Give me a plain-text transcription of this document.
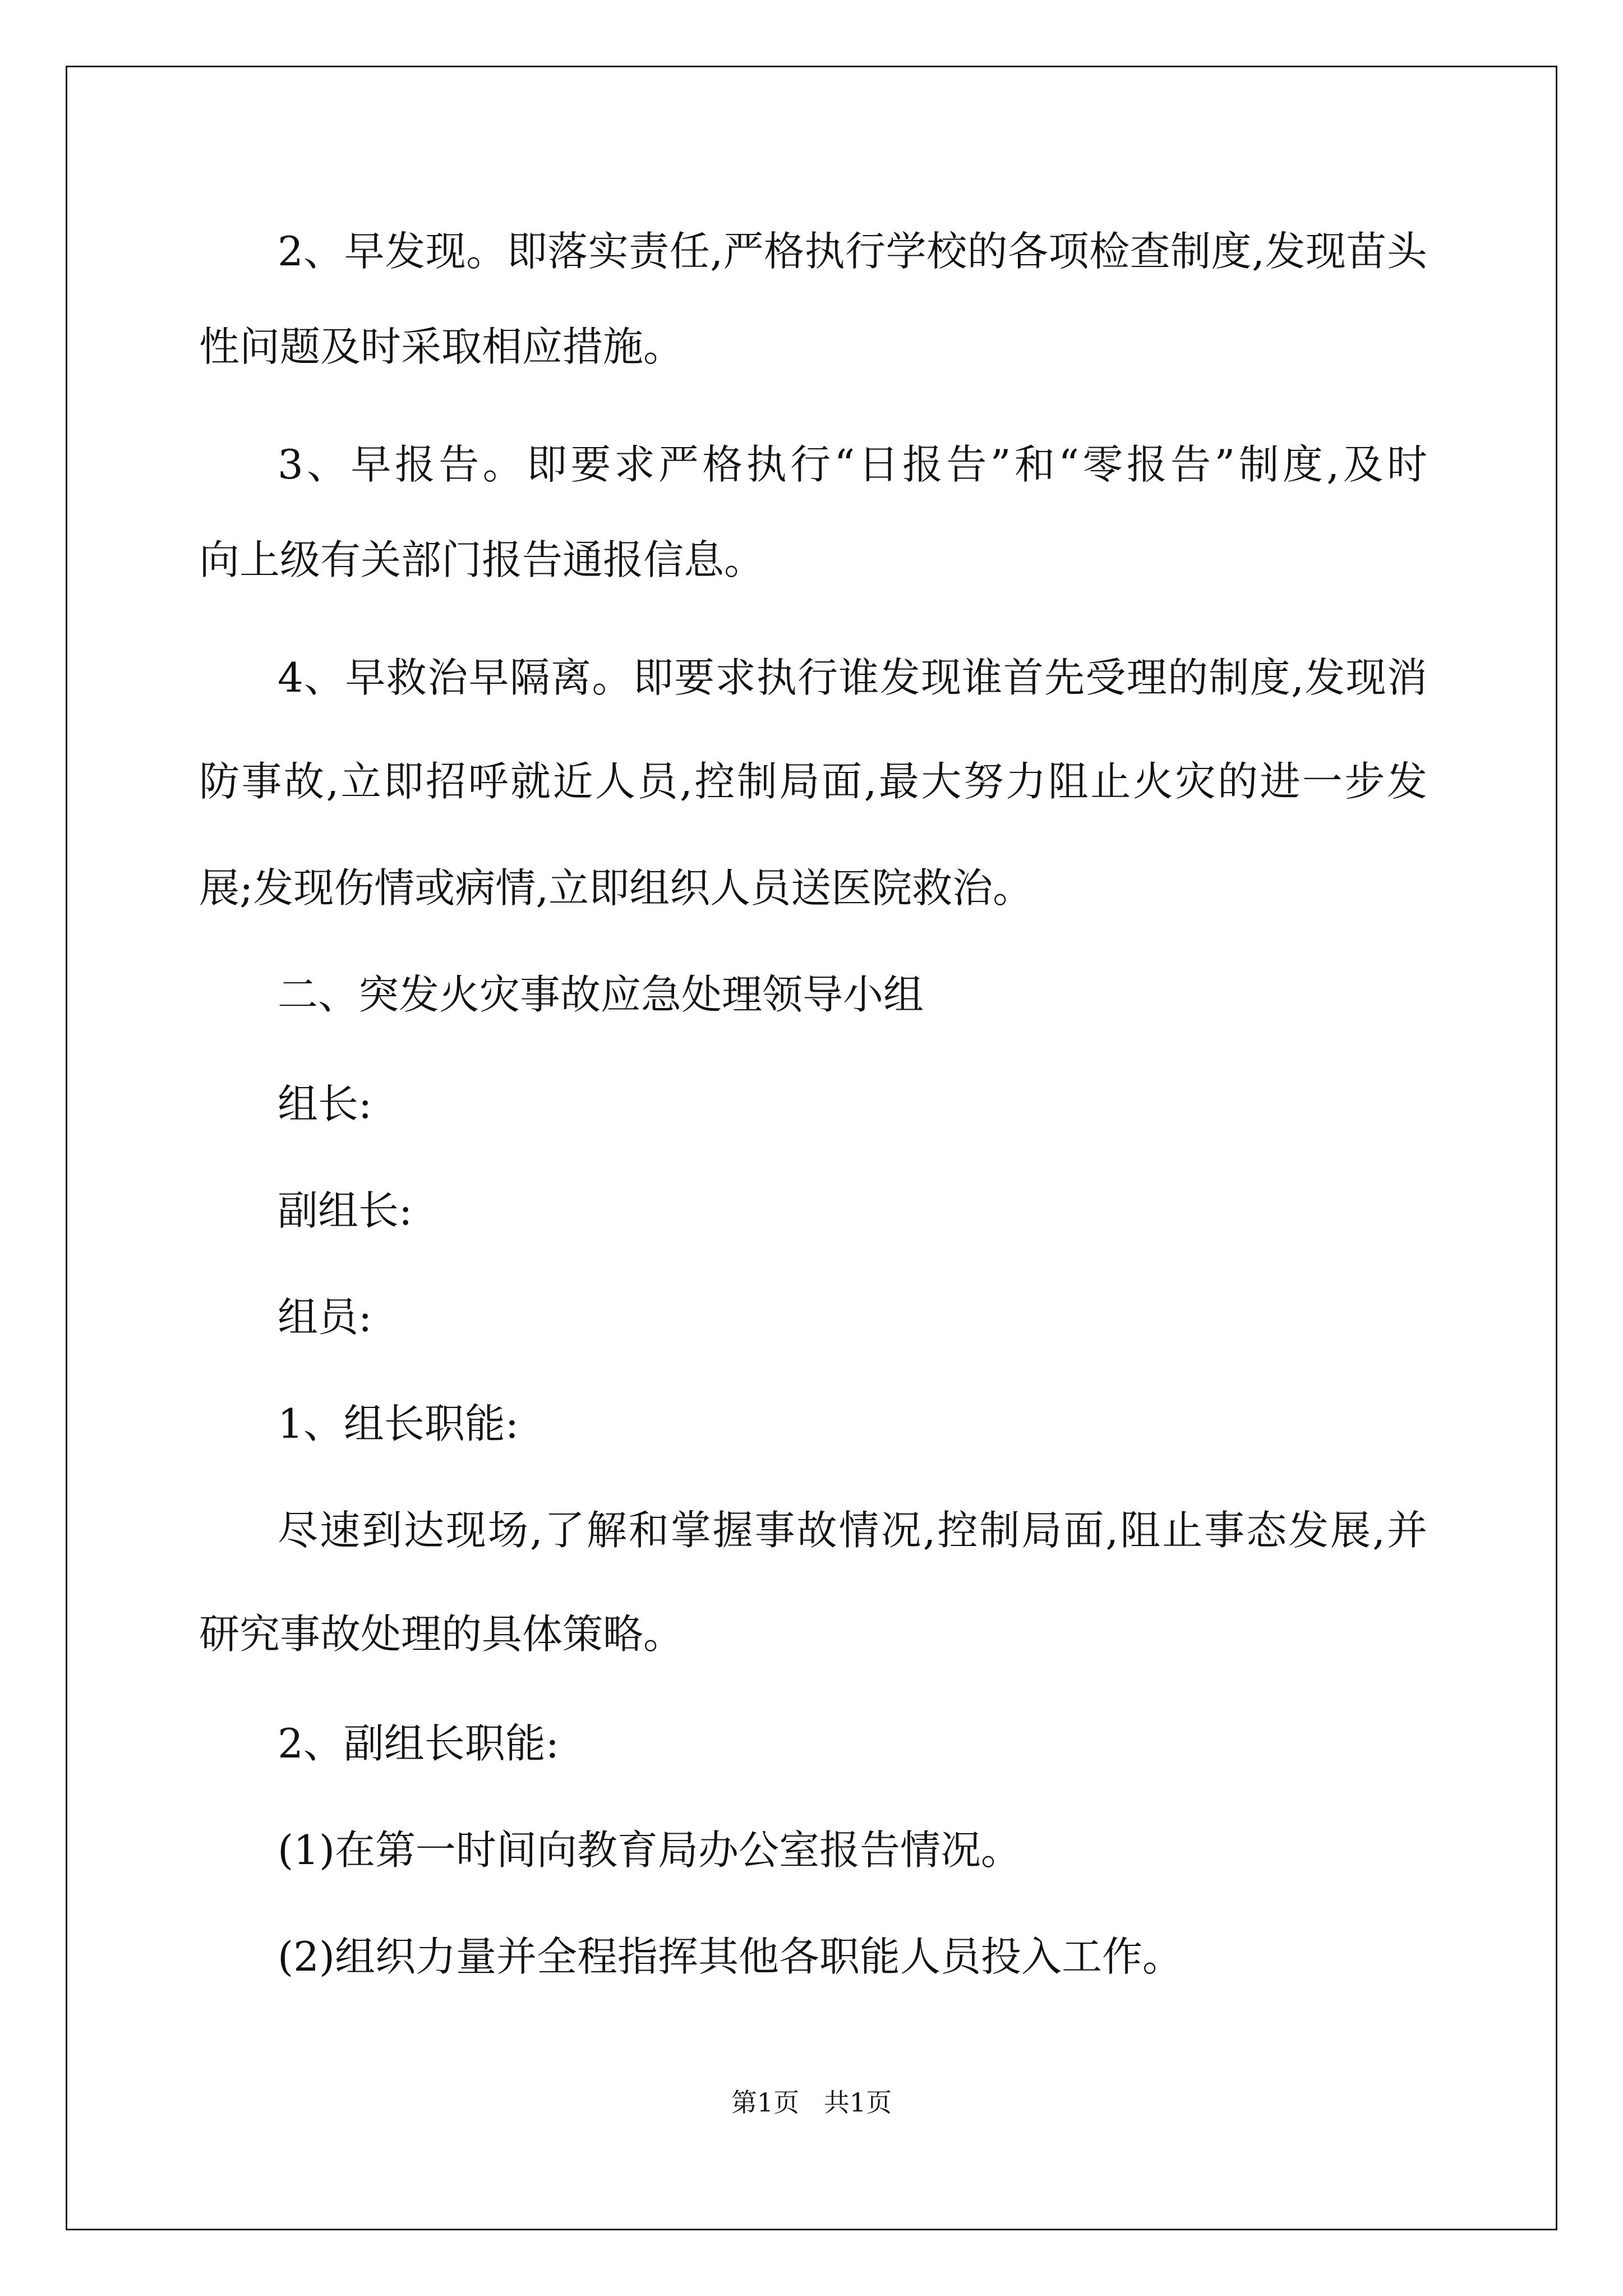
2、早发现。即落实责任,严格执行学校的各项检查制度,发现苗头
性问题及时采取相应措施。
3、早报告。即要求严格执行“日报告”和“零报告”制度,及时
向上级有关部门报告通报信息。
4、早救治早隔离。即要求执行谁发现谁首先受理的制度,发现消
防事故,立即招呼就近人员,控制局面,最大努力阻止火灾的进一步发
展;发现伤情或病情,立即组织人员送医院救治。
二、突发火灾事故应急处理领导小组
组长:
副组长:
组员:
1、组长职能:
尽速到达现场,了解和掌握事故情况,控制局面,阻止事态发展,并
研究事故处理的具体策略。
2、副组长职能:
(1)在第一时间向教育局办公室报告情况。
(2)组织力量并全程指挥其他各职能人员投入工作。
第1页   共1页
